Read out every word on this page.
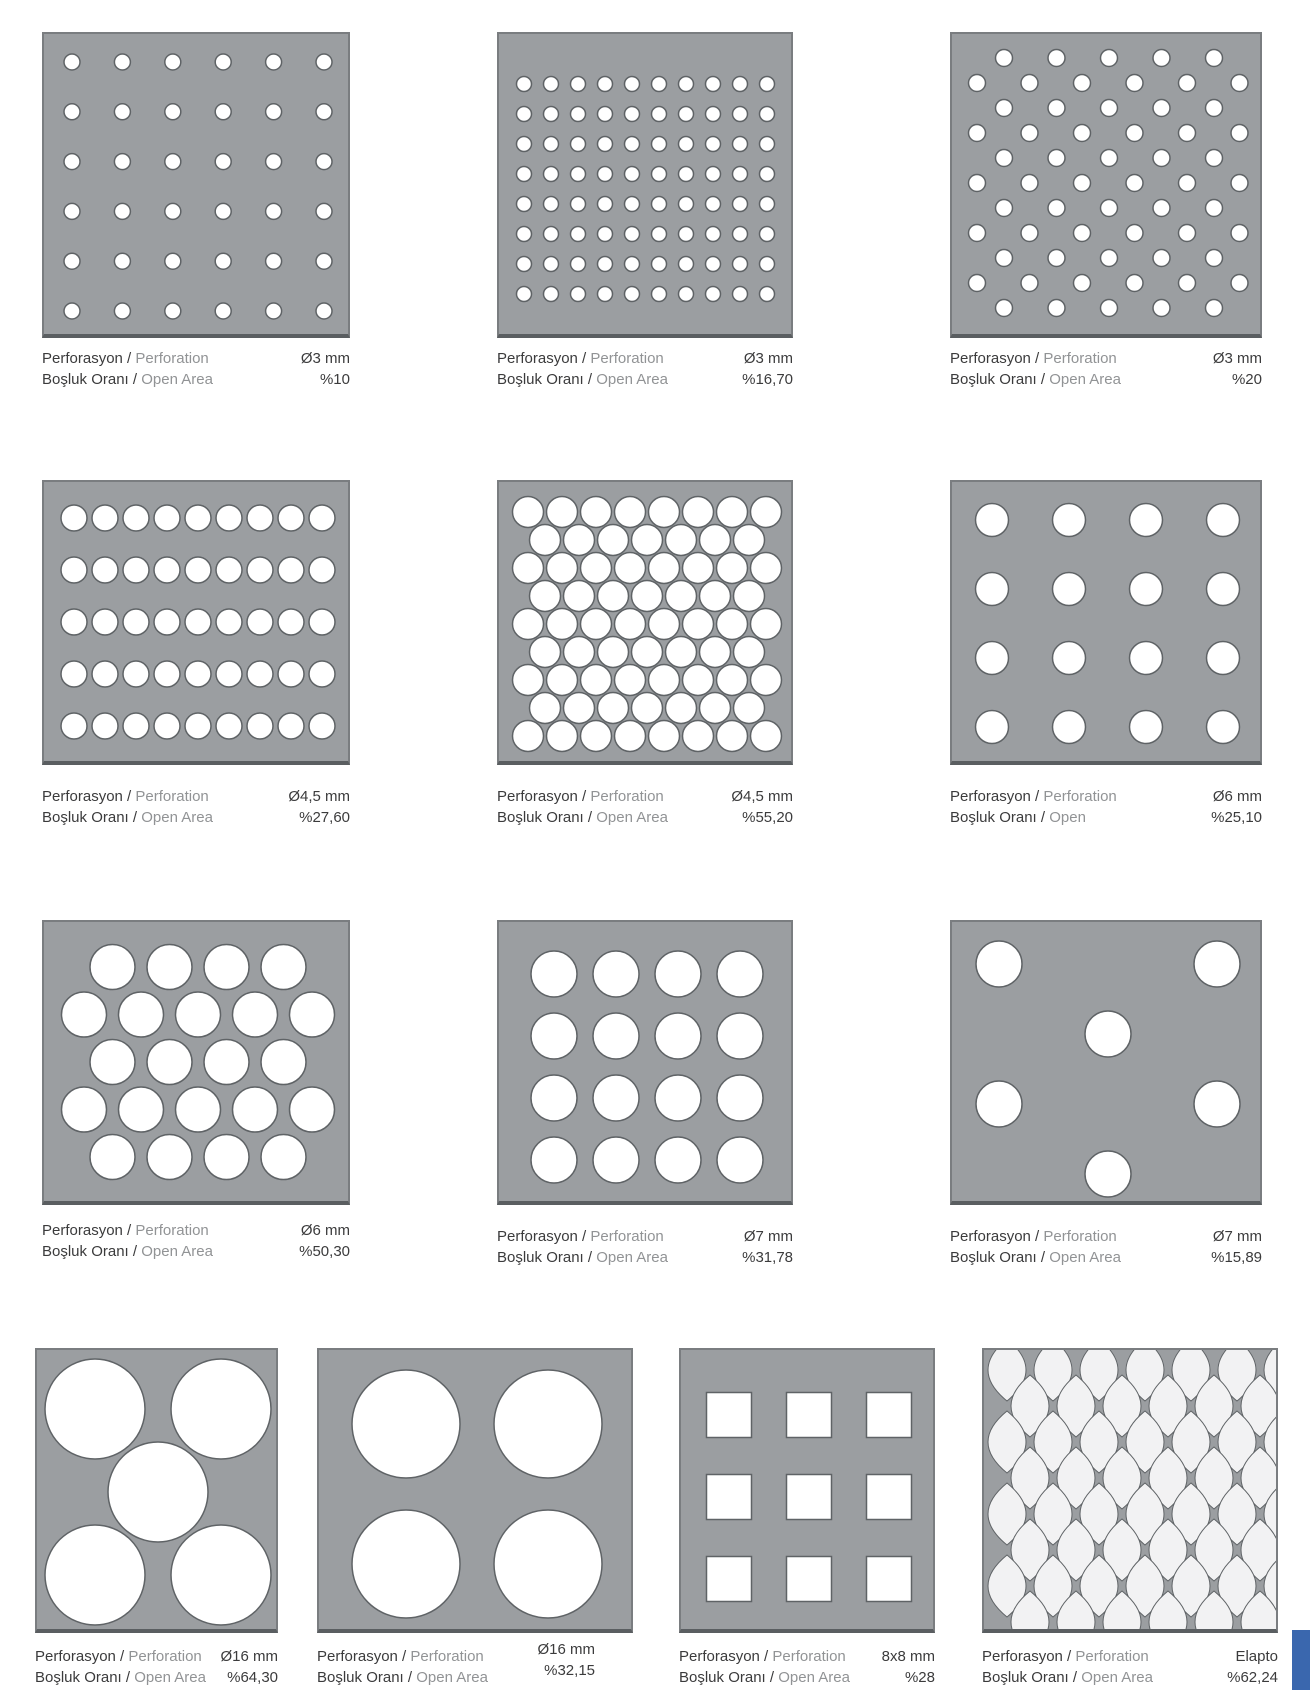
Perforasyon / Perforation
Boşluk Oranı / Open Area
Ø3 mm
%10
Perforasyon / Perforation
Boşluk Oranı / Open Area
Ø3 mm
%16,70
Perforasyon / Perforation
Boşluk Oranı / Open Area
Ø3 mm
%20
Perforasyon / Perforation
Boşluk Oranı / Open Area
Ø4,5 mm
%27,60
Perforasyon / Perforation
Boşluk Oranı / Open Area
Ø4,5 mm
%55,20
Perforasyon / Perforation
Boşluk Oranı / Open
Ø6 mm
%25,10
Perforasyon / Perforation
Boşluk Oranı / Open Area
Ø6 mm
%50,30
Perforasyon / Perforation
Boşluk Oranı / Open Area
Ø7 mm
%31,78
Perforasyon / Perforation
Boşluk Oranı / Open Area
Ø7 mm
%15,89
Perforasyon / Perforation
Boşluk Oranı / Open Area
Ø16 mm
%64,30
Perforasyon / Perforation
Boşluk Oranı / Open Area
Ø16 mm
%32,15
Perforasyon / Perforation
Boşluk Oranı / Open Area
8x8 mm
%28
Perforasyon / Perforation
Boşluk Oranı / Open Area
Elapto
%62,24
